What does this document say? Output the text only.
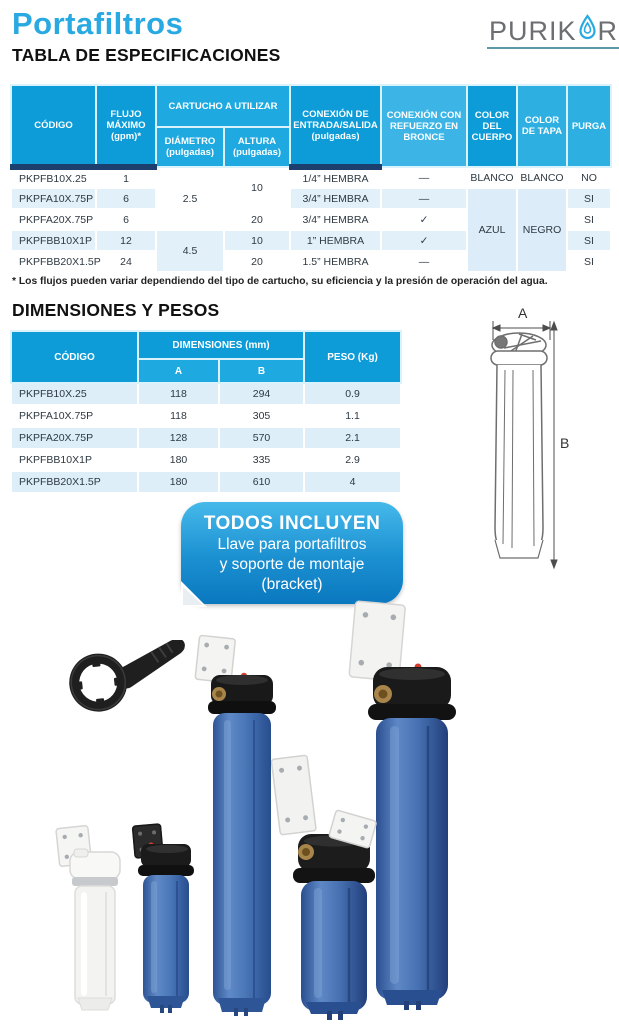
Portafiltros	PURIK R
TABLA DE ESPECIFICACIONES
CÓDIGO	FLUJO MÁXIMO (gpm)*	CARTUCHO A UTILIZAR		CONEXIÓN DE ENTRADA/SALIDA (pulgadas)	CONEXIÓN CON REFUERZO EN BRONCE	COLOR DEL CUERPO	COLOR DE TAPA	PURGA
		DIÁMETRO (pulgadas)	ALTURA (pulgadas)					
PKPFB10X.25	1	2.5	10	1/4” HEMBRA	—	BLANCO	BLANCO	NO
PKPFA10X.75P	6			3/4” HEMBRA	—	AZUL	NEGRO	SI
PKPFA20X.75P	6		20	3/4” HEMBRA	✓			SI
PKPFBB10X1P	12	4.5	10	1” HEMBRA	✓			SI
PKPFBB20X1.5P	24		20	1.5” HEMBRA	—			SI
* Los flujos pueden variar dependiendo del tipo de cartucho, su eficiencia y la presión de operación del agua.
DIMENSIONES Y PESOS
CÓDIGO	DIMENSIONES (mm)		PESO (Kg)
	A	B	
PKPFB10X.25	118	294	0.9
PKPFA10X.75P	118	305	1.1
PKPFA20X.75P	128	570	2.1
PKPFBB10X1P	180	335	2.9
PKPFBB20X1.5P	180	610	4
A
B
TODOS INCLUYEN
Llave para portafiltros
y soporte de montaje
(bracket)
